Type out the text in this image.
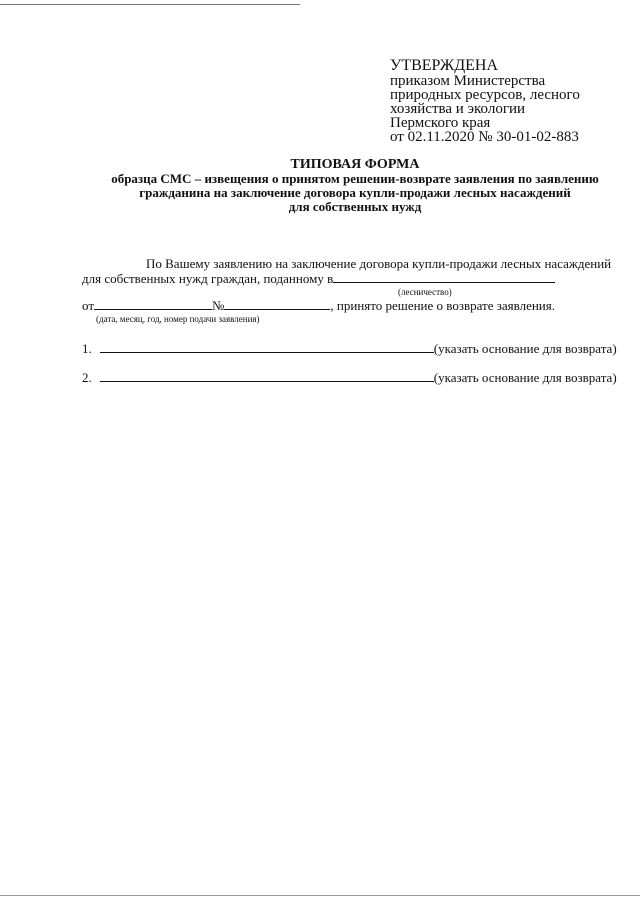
УТВЕРЖДЕНА
приказом Министерства
природных ресурсов, лесного
хозяйства и экологии
Пермского края
от 02.11.2020 № 30-01-02-883
ТИПОВАЯ ФОРМА
образца СМС – извещения о принятом решении-возврате заявления по заявлению
гражданина на заключение договора купли-продажи лесных насаждений
для собственных нужд
По Вашему заявлению на заключение договора купли-продажи лесных насаждений
для собственных нужд граждан, поданному в
(лесничество)
от	№	, принято решение о возврате заявления.
(дата, месяц, год, номер подачи заявления)
1.	(указать основание для возврата)
2.	(указать основание для возврата)
